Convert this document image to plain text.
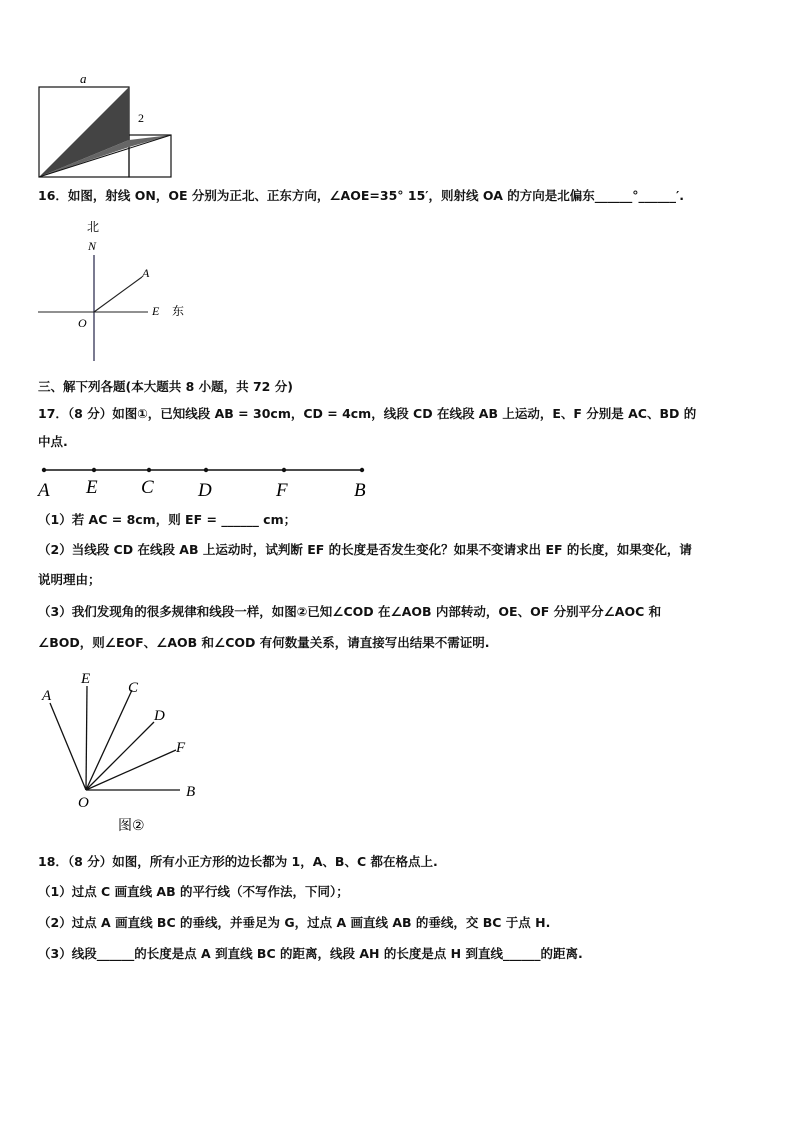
a
2
16．如图，射线 ON，OE 分别为正北、正东方向，∠AOE=35° 15′，则射线 OA 的方向是北偏东______°______′.
北
N
A
O
E 东
三、解下列各题(本大题共 8 小题，共 72 分)
17．（8 分）如图①，已知线段 AB = 30cm，CD = 4cm，线段 CD 在线段 AB 上运动，E、F 分别是 AC、BD 的
中点.
A E C D	F	B
（1）若 AC = 8cm，则 EF = ______ cm；
（2）当线段 CD 在线段 AB 上运动时，试判断 EF 的长度是否发生变化？如果不变请求出 EF 的长度，如果变化，请
说明理由；
（3）我们发现角的很多规律和线段一样，如图②已知∠COD 在∠AOB 内部转动，OE、OF 分别平分∠AOC 和
∠BOD，则∠EOF、∠AOB 和∠COD 有何数量关系，请直接写出结果不需证明.
A
E
C
D
F
O
B
图②
18．（8 分）如图，所有小正方形的边长都为 1，A、B、C 都在格点上.
（1）过点 C 画直线 AB 的平行线（不写作法，下同）；
（2）过点 A 画直线 BC 的垂线，并垂足为 G，过点 A 画直线 AB 的垂线，交 BC 于点 H.
（3）线段______的长度是点 A 到直线 BC 的距离，线段 AH 的长度是点 H 到直线______的距离.
